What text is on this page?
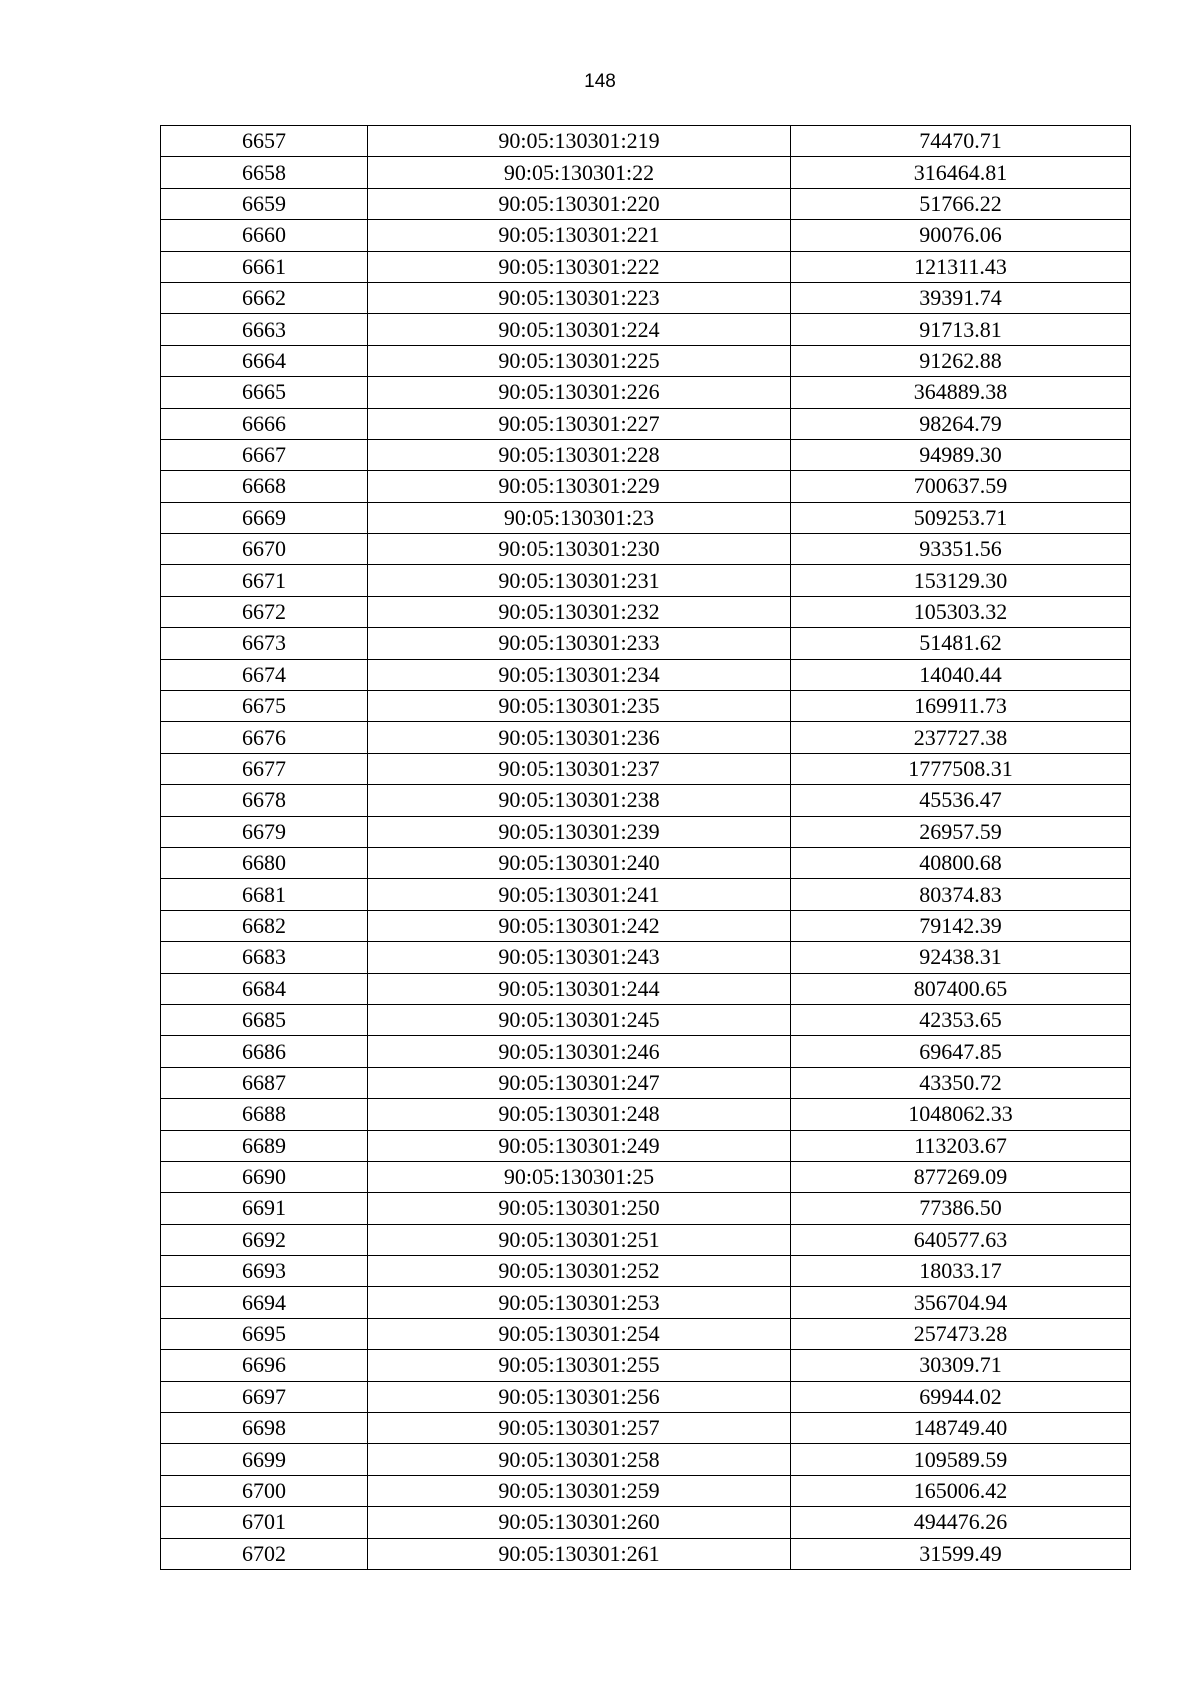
148
6657	90:05:130301:219	74470.71
6658	90:05:130301:22	316464.81
6659	90:05:130301:220	51766.22
6660	90:05:130301:221	90076.06
6661	90:05:130301:222	121311.43
6662	90:05:130301:223	39391.74
6663	90:05:130301:224	91713.81
6664	90:05:130301:225	91262.88
6665	90:05:130301:226	364889.38
6666	90:05:130301:227	98264.79
6667	90:05:130301:228	94989.30
6668	90:05:130301:229	700637.59
6669	90:05:130301:23	509253.71
6670	90:05:130301:230	93351.56
6671	90:05:130301:231	153129.30
6672	90:05:130301:232	105303.32
6673	90:05:130301:233	51481.62
6674	90:05:130301:234	14040.44
6675	90:05:130301:235	169911.73
6676	90:05:130301:236	237727.38
6677	90:05:130301:237	1777508.31
6678	90:05:130301:238	45536.47
6679	90:05:130301:239	26957.59
6680	90:05:130301:240	40800.68
6681	90:05:130301:241	80374.83
6682	90:05:130301:242	79142.39
6683	90:05:130301:243	92438.31
6684	90:05:130301:244	807400.65
6685	90:05:130301:245	42353.65
6686	90:05:130301:246	69647.85
6687	90:05:130301:247	43350.72
6688	90:05:130301:248	1048062.33
6689	90:05:130301:249	113203.67
6690	90:05:130301:25	877269.09
6691	90:05:130301:250	77386.50
6692	90:05:130301:251	640577.63
6693	90:05:130301:252	18033.17
6694	90:05:130301:253	356704.94
6695	90:05:130301:254	257473.28
6696	90:05:130301:255	30309.71
6697	90:05:130301:256	69944.02
6698	90:05:130301:257	148749.40
6699	90:05:130301:258	109589.59
6700	90:05:130301:259	165006.42
6701	90:05:130301:260	494476.26
6702	90:05:130301:261	31599.49
